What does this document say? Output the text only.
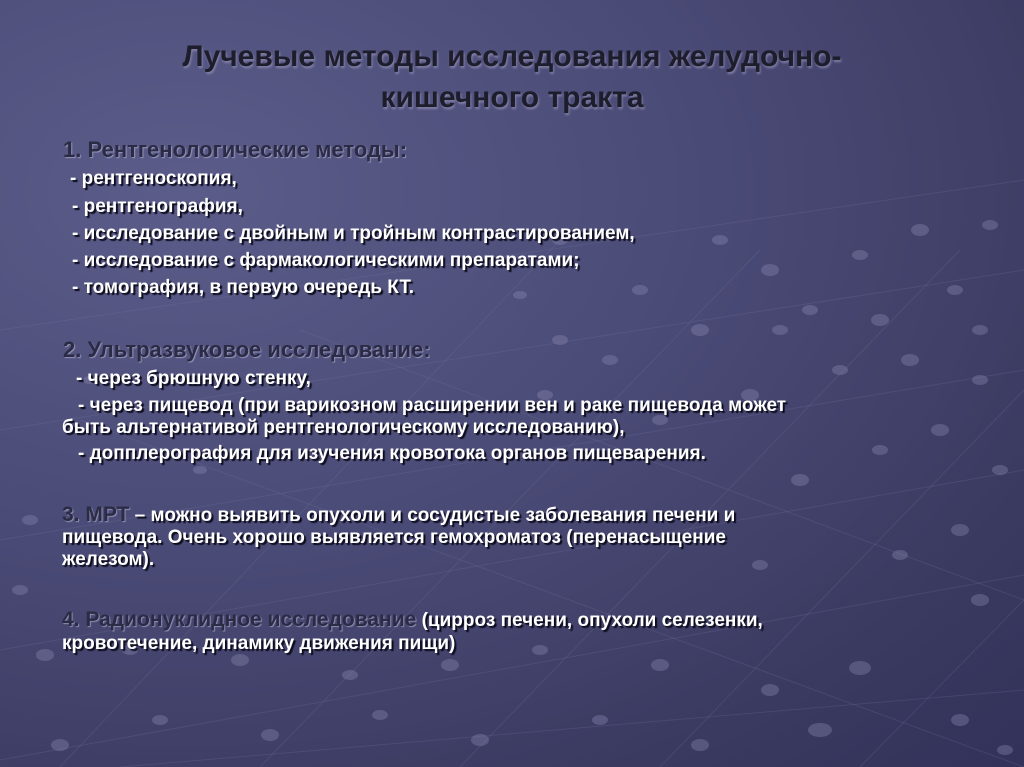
Лучевые методы исследования желудочно-
кишечного тракта
1. Рентгенологические методы:
- рентгеноскопия,
- рентгенография,
- исследование с двойным и тройным контрастированием,
- исследование с фармакологическими препаратами;
- томография, в первую очередь КТ.
2. Ультразвуковое исследование:
- через брюшную стенку,
- через пищевод (при варикозном расширении вен и раке пищевода может
быть альтернативой рентгенологическому исследованию),
- допплерография для изучения кровотока органов пищеварения.
3. МРТ – можно выявить опухоли и сосудистые заболевания печени и
пищевода. Очень хорошо выявляется гемохроматоз (перенасыщение
железом).
4. Радионуклидное исследование (цирроз печени, опухоли селезенки,
кровотечение, динамику движения пищи)
